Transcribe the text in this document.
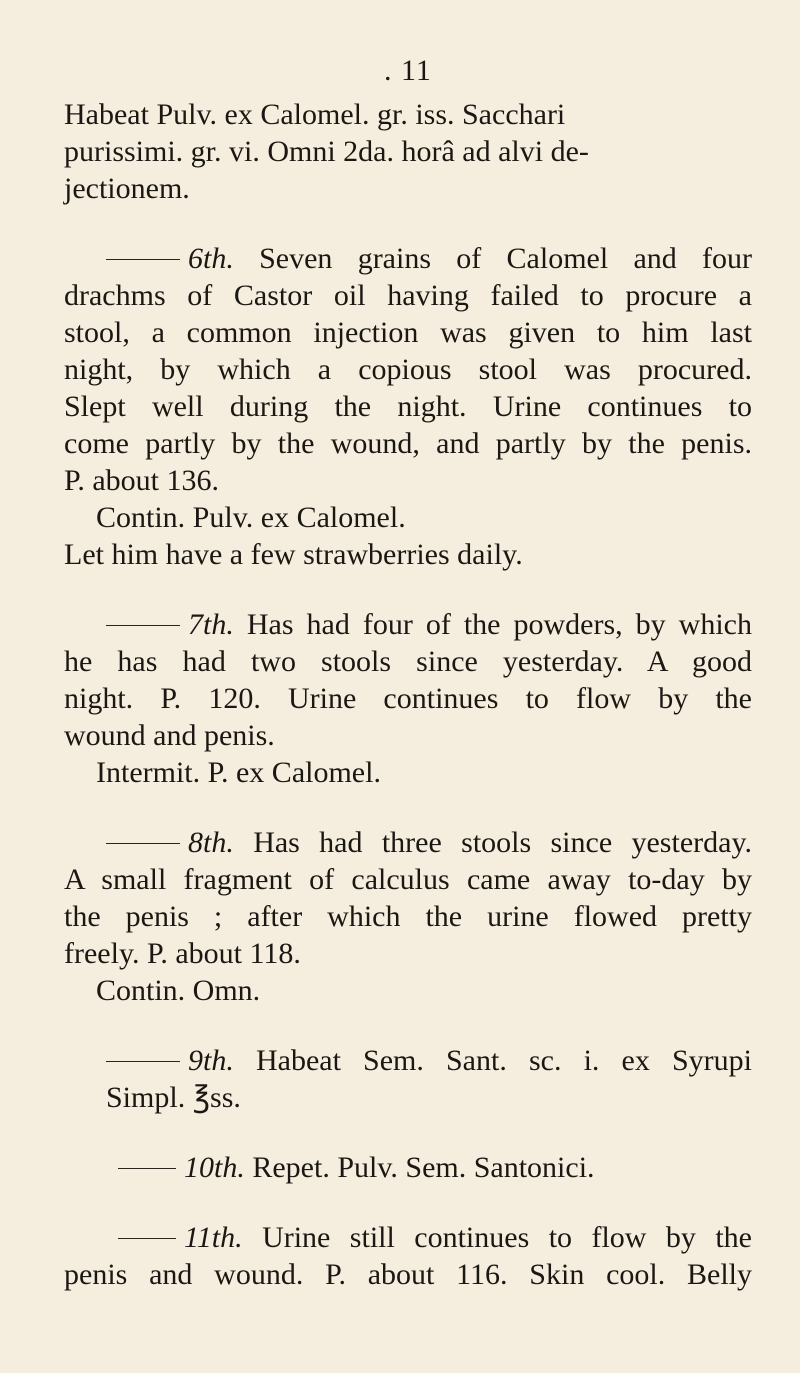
. 11

Habeat Pulv. ex Calomel. gr. iss. Sacchari
purissimi. gr. vi. Omni 2da. horâ ad alvi de-
jectionem.

6th. Seven grains of Calomel and four
drachms of Castor oil having failed to procure a
stool, a common injection was given to him last
night, by which a copious stool was procured.
Slept well during the night. Urine continues to
come partly by the wound, and partly by the penis.
P. about 136.

Contin. Pulv. ex Calomel.
Let him have a few strawberries daily.

7th. Has had four of the powders, by which
he has had two stools since yesterday. A good
night. P. 120. Urine continues to flow by the
wound and penis.

Intermit. P. ex Calomel.

8th. Has had three stools since yesterday.
A small fragment of calculus came away to-day by
the penis ; after which the urine flowed pretty
freely. P. about 118.

Contin. Omn.

9th. Habeat Sem. Sant. sc. i. ex Syrupi
Simpl. ℥ss.

10th. Repet. Pulv. Sem. Santonici.

11th. Urine still continues to flow by the
penis and wound. P. about 116. Skin cool. Belly
